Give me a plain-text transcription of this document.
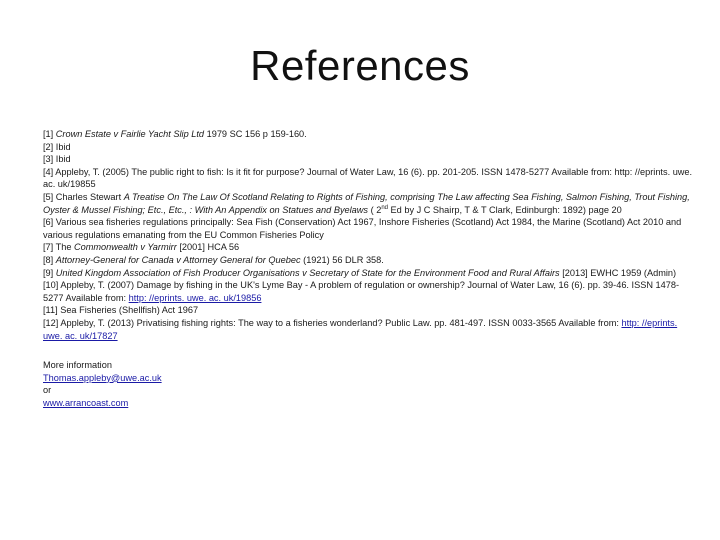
References

[1] Crown Estate v Fairlie Yacht Slip Ltd 1979 SC 156 p 159-160.

[2] Ibid

[3] Ibid

[4] Appleby, T. (2005) The public right to fish: Is it fit for purpose? Journal of Water Law, 16 (6). pp. 201-205. ISSN 1478-5277 Available from: http: //eprints. uwe. ac. uk/19855

[5] Charles Stewart A Treatise On The Law Of Scotland Relating to Rights of Fishing, comprising The Law affecting Sea Fishing, Salmon Fishing, Trout Fishing, Oyster & Mussel Fishing; Etc., Etc., : With An Appendix on Statues and Byelaws ( 2nd Ed by J C Shairp, T & T Clark, Edinburgh: 1892) page 20

[6] Various sea fisheries regulations principally: Sea Fish (Conservation) Act 1967, Inshore Fisheries (Scotland) Act 1984, the Marine (Scotland) Act 2010 and various regulations emanating from the EU Common Fisheries Policy

[7] The Commonwealth v Yarmirr [2001] HCA 56

[8] Attorney-General for Canada v Attorney General for Quebec (1921) 56 DLR 358.

[9] United Kingdom Association of Fish Producer Organisations v Secretary of State for the Environment Food and Rural Affairs [2013] EWHC 1959 (Admin)

[10] Appleby, T. (2007) Damage by fishing in the UK's Lyme Bay - A problem of regulation or ownership? Journal of Water Law, 16 (6). pp. 39-46. ISSN 1478-5277 Available from: http: //eprints. uwe. ac. uk/19856

[11] Sea Fisheries (Shellfish) Act 1967

[12] Appleby, T. (2013) Privatising fishing rights: The way to a fisheries wonderland? Public Law. pp. 481-497. ISSN 0033-3565 Available from: http: //eprints. uwe. ac. uk/17827

More information

Thomas.appleby@uwe.ac.uk

or

www.arrancoast.com
